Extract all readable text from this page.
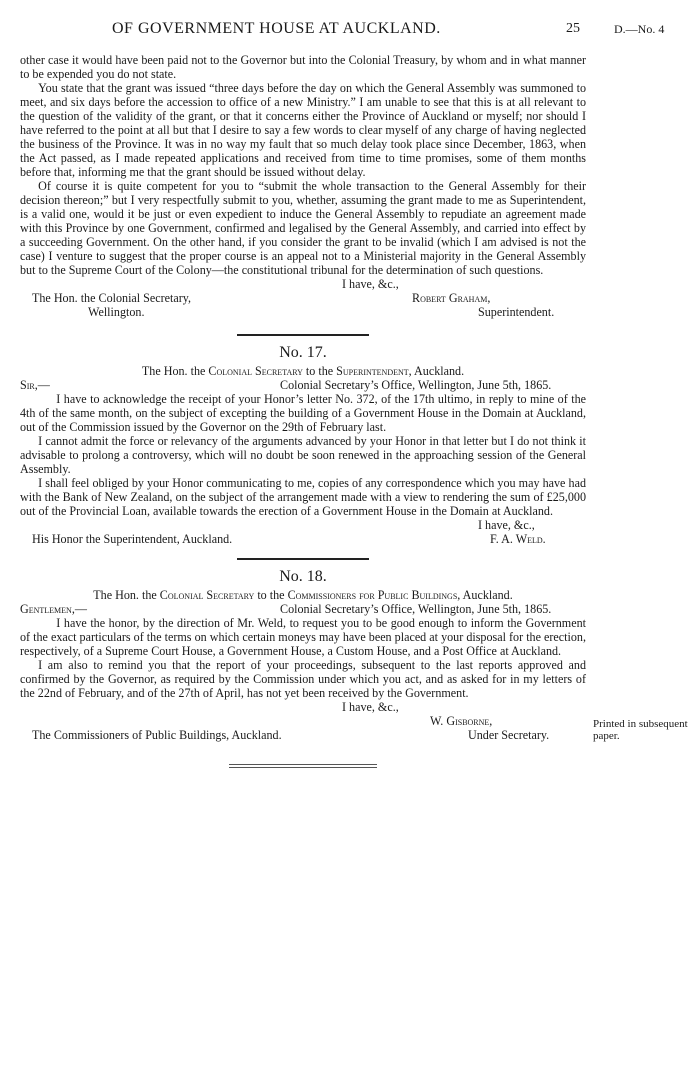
OF GOVERNMENT HOUSE AT AUCKLAND.	25	D.—No. 4

other case it would have been paid not to the Governor but into the Colonial Treasury, by whom and in what manner to be expended you do not state.

You state that the grant was issued “three days before the day on which the General Assembly was summoned to meet, and six days before the accession to office of a new Ministry.” I am unable to see that this is at all relevant to the question of the validity of the grant, or that it concerns either the Province of Auckland or myself; nor should I have referred to the point at all but that I desire to say a few words to clear myself of any charge of having neglected the business of the Province. It was in no way my fault that so much delay took place since December, 1863, when the Act passed, as I made repeated applications and received from time to time promises, some of them months before that, informing me that the grant should be issued without delay.

Of course it is quite competent for you to “submit the whole transaction to the General Assembly for their decision thereon;” but I very respectfully submit to you, whether, assuming the grant made to me as Superintendent, is a valid one, would it be just or even expedient to induce the General Assembly to repudiate an agreement made with this Province by one Government, confirmed and legalised by the General Assembly, and carried into effect by a succeeding Government. On the other hand, if you consider the grant to be invalid (which I am advised is not the case) I venture to suggest that the proper course is an appeal not to a Ministerial majority in the General Assembly but to the Supreme Court of the Colony—the constitutional tribunal for the determination of such questions.

I have, &c.,
The Hon. the Colonial Secretary,	Robert Graham,
Wellington.	Superintendent.

No. 17.

The Hon. the Colonial Secretary to the Superintendent, Auckland.

Sir,—	Colonial Secretary’s Office, Wellington, June 5th, 1865.

I have to acknowledge the receipt of your Honor’s letter No. 372, of the 17th ultimo, in reply to mine of the 4th of the same month, on the subject of excepting the building of a Government House in the Domain at Auckland, out of the Commission issued by the Governor on the 29th of February last.

I cannot admit the force or relevancy of the arguments advanced by your Honor in that letter but I do not think it advisable to prolong a controversy, which will no doubt be soon renewed in the approaching session of the General Assembly.

I shall feel obliged by your Honor communicating to me, copies of any correspondence which you may have had with the Bank of New Zealand, on the subject of the arrangement made with a view to rendering the sum of £25,000 out of the Provincial Loan, available towards the erection of a Government House in the Domain at Auckland.

I have, &c.,
His Honor the Superintendent, Auckland.	F. A. Weld.

No. 18.

The Hon. the Colonial Secretary to the Commissioners for Public Buildings, Auckland.

Gentlemen,—	Colonial Secretary’s Office, Wellington, June 5th, 1865.

I have the honor, by the direction of Mr. Weld, to request you to be good enough to inform the Government of the exact particulars of the terms on which certain moneys may have been placed at your disposal for the erection, respectively, of a Supreme Court House, a Government House, a Custom House, and a Post Office at Auckland.

I am also to remind you that the report of your proceedings, subsequent to the last reports approved and confirmed by the Governor, as required by the Commission under which you act, and as asked for in my letters of the 22nd of February, and of the 27th of April, has not yet been received by the Government.

I have, &c.,
W. Gisborne,
The Commissioners of Public Buildings, Auckland.	Under Secretary.
Printed in subsequent paper.
